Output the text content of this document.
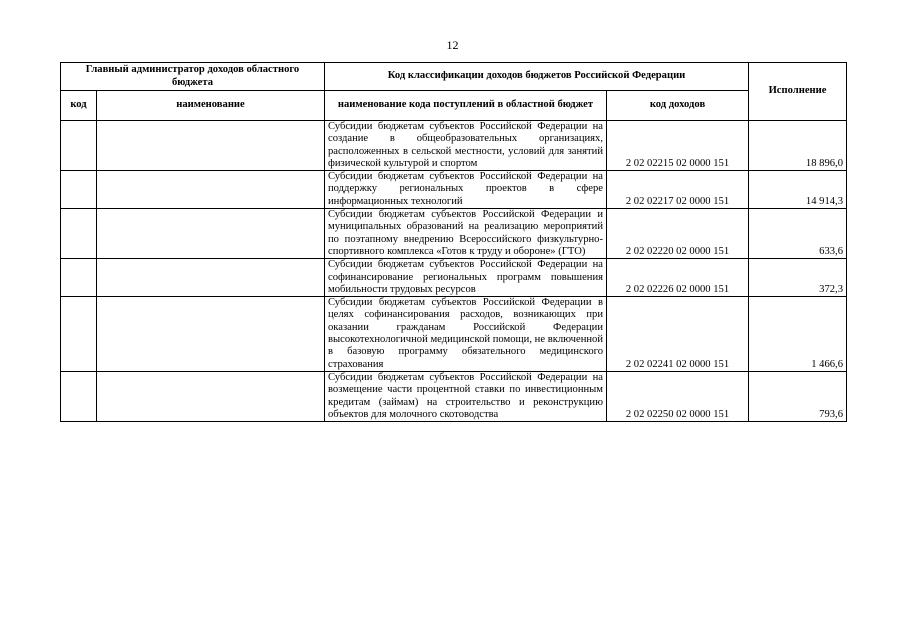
12
Главный администратор доходов областного бюджета		Код классификации доходов бюджетов Российской Федерации		Исполнение
код	наименование	наименование кода поступлений в областной бюджет	код доходов	
		Субсидии бюджетам субъектов Российской Федерации на создание в общеобразовательных организациях, расположенных в сельской местности, условий для занятий физической культурой и спортом	2 02 02215 02 0000 151	18 896,0
		Субсидии бюджетам субъектов Российской Федерации на поддержку региональных проектов в сфере информационных технологий	2 02 02217 02 0000 151	14 914,3
		Субсидии бюджетам субъектов Российской Федерации и муниципальных образований на реализацию мероприятий по поэтапному внедрению Всероссийского физкультурно-спортивного комплекса «Готов к труду и обороне» (ГТО)	2 02 02220 02 0000 151	633,6
		Субсидии бюджетам субъектов Российской Федерации на софинансирование региональных программ повышения мобильности трудовых ресурсов	2 02 02226 02 0000 151	372,3
		Субсидии бюджетам субъектов Российской Федерации в целях софинансирования расходов, возникающих при оказании гражданам Российской Федерации высокотехнологичной медицинской помощи, не включенной в базовую программу обязательного медицинского страхования	2 02 02241 02 0000 151	1 466,6
		Субсидии бюджетам субъектов Российской Федерации на возмещение части процентной ставки по инвестиционным кредитам (займам) на строительство и реконструкцию объектов для молочного скотоводства	2 02 02250 02 0000 151	793,6
